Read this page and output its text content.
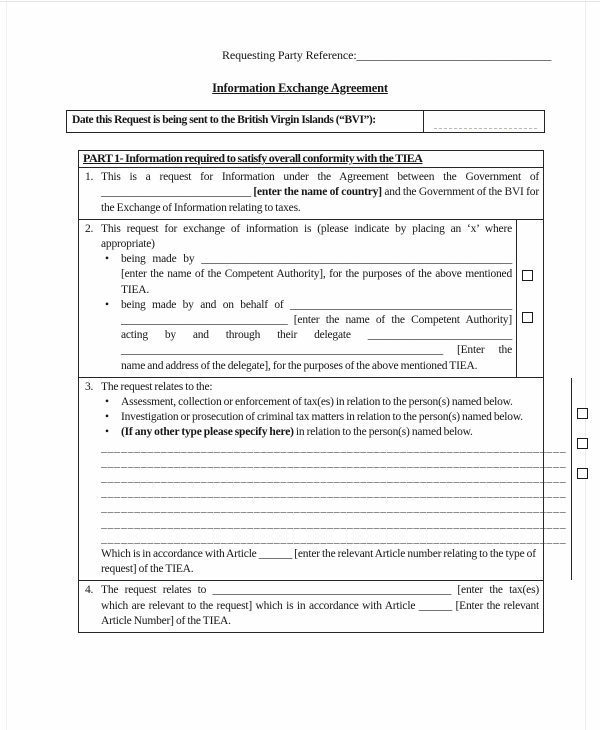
Requesting Party Reference:_________________________________
Information Exchange Agreement
Date this Request is being sent to the British Virgin Islands (“BVI”):
PART 1- Information required to satisfy overall conformity with the TIEA
1. This is a request for Information under the Agreement between the Government of ___________________________ [enter the name of country] and the Government of the BVI for the Exchange of Information relating to taxes.
2. This request for exchange of information is (please indicate by placing an ‘x’ where appropriate)
•	being made by ________________________________________________________ [enter the name of the Competent Authority], for the purposes of the above mentioned TIEA.
•	being made by and on behalf of ________________________________________ ______________________________ [enter the name of the Competent Authority] acting by and through their delegate __________________________ __________________________________________________________ [Enter the name and address of the delegate], for the purposes of the above mentioned TIEA.
3. The request relates to the:
•	Assessment, collection or enforcement of tax(es) in relation to the person(s) named below.
•	Investigation or prosecution of criminal tax matters in relation to the person(s) named below.
•	(If any other type please specify here) in relation to the person(s) named below.
______________________________________________________________________
______________________________________________________________________
______________________________________________________________________
______________________________________________________________________
______________________________________________________________________
______________________________________________________________________
______________________________________________________________________
Which is in accordance with Article ______ [enter the relevant Article number relating to the type of request] of the TIEA.
4. The request relates to ___________________________________________ [enter the tax(es) which are relevant to the request] which is in accordance with Article ______ [Enter the relevant Article Number] of the TIEA.
